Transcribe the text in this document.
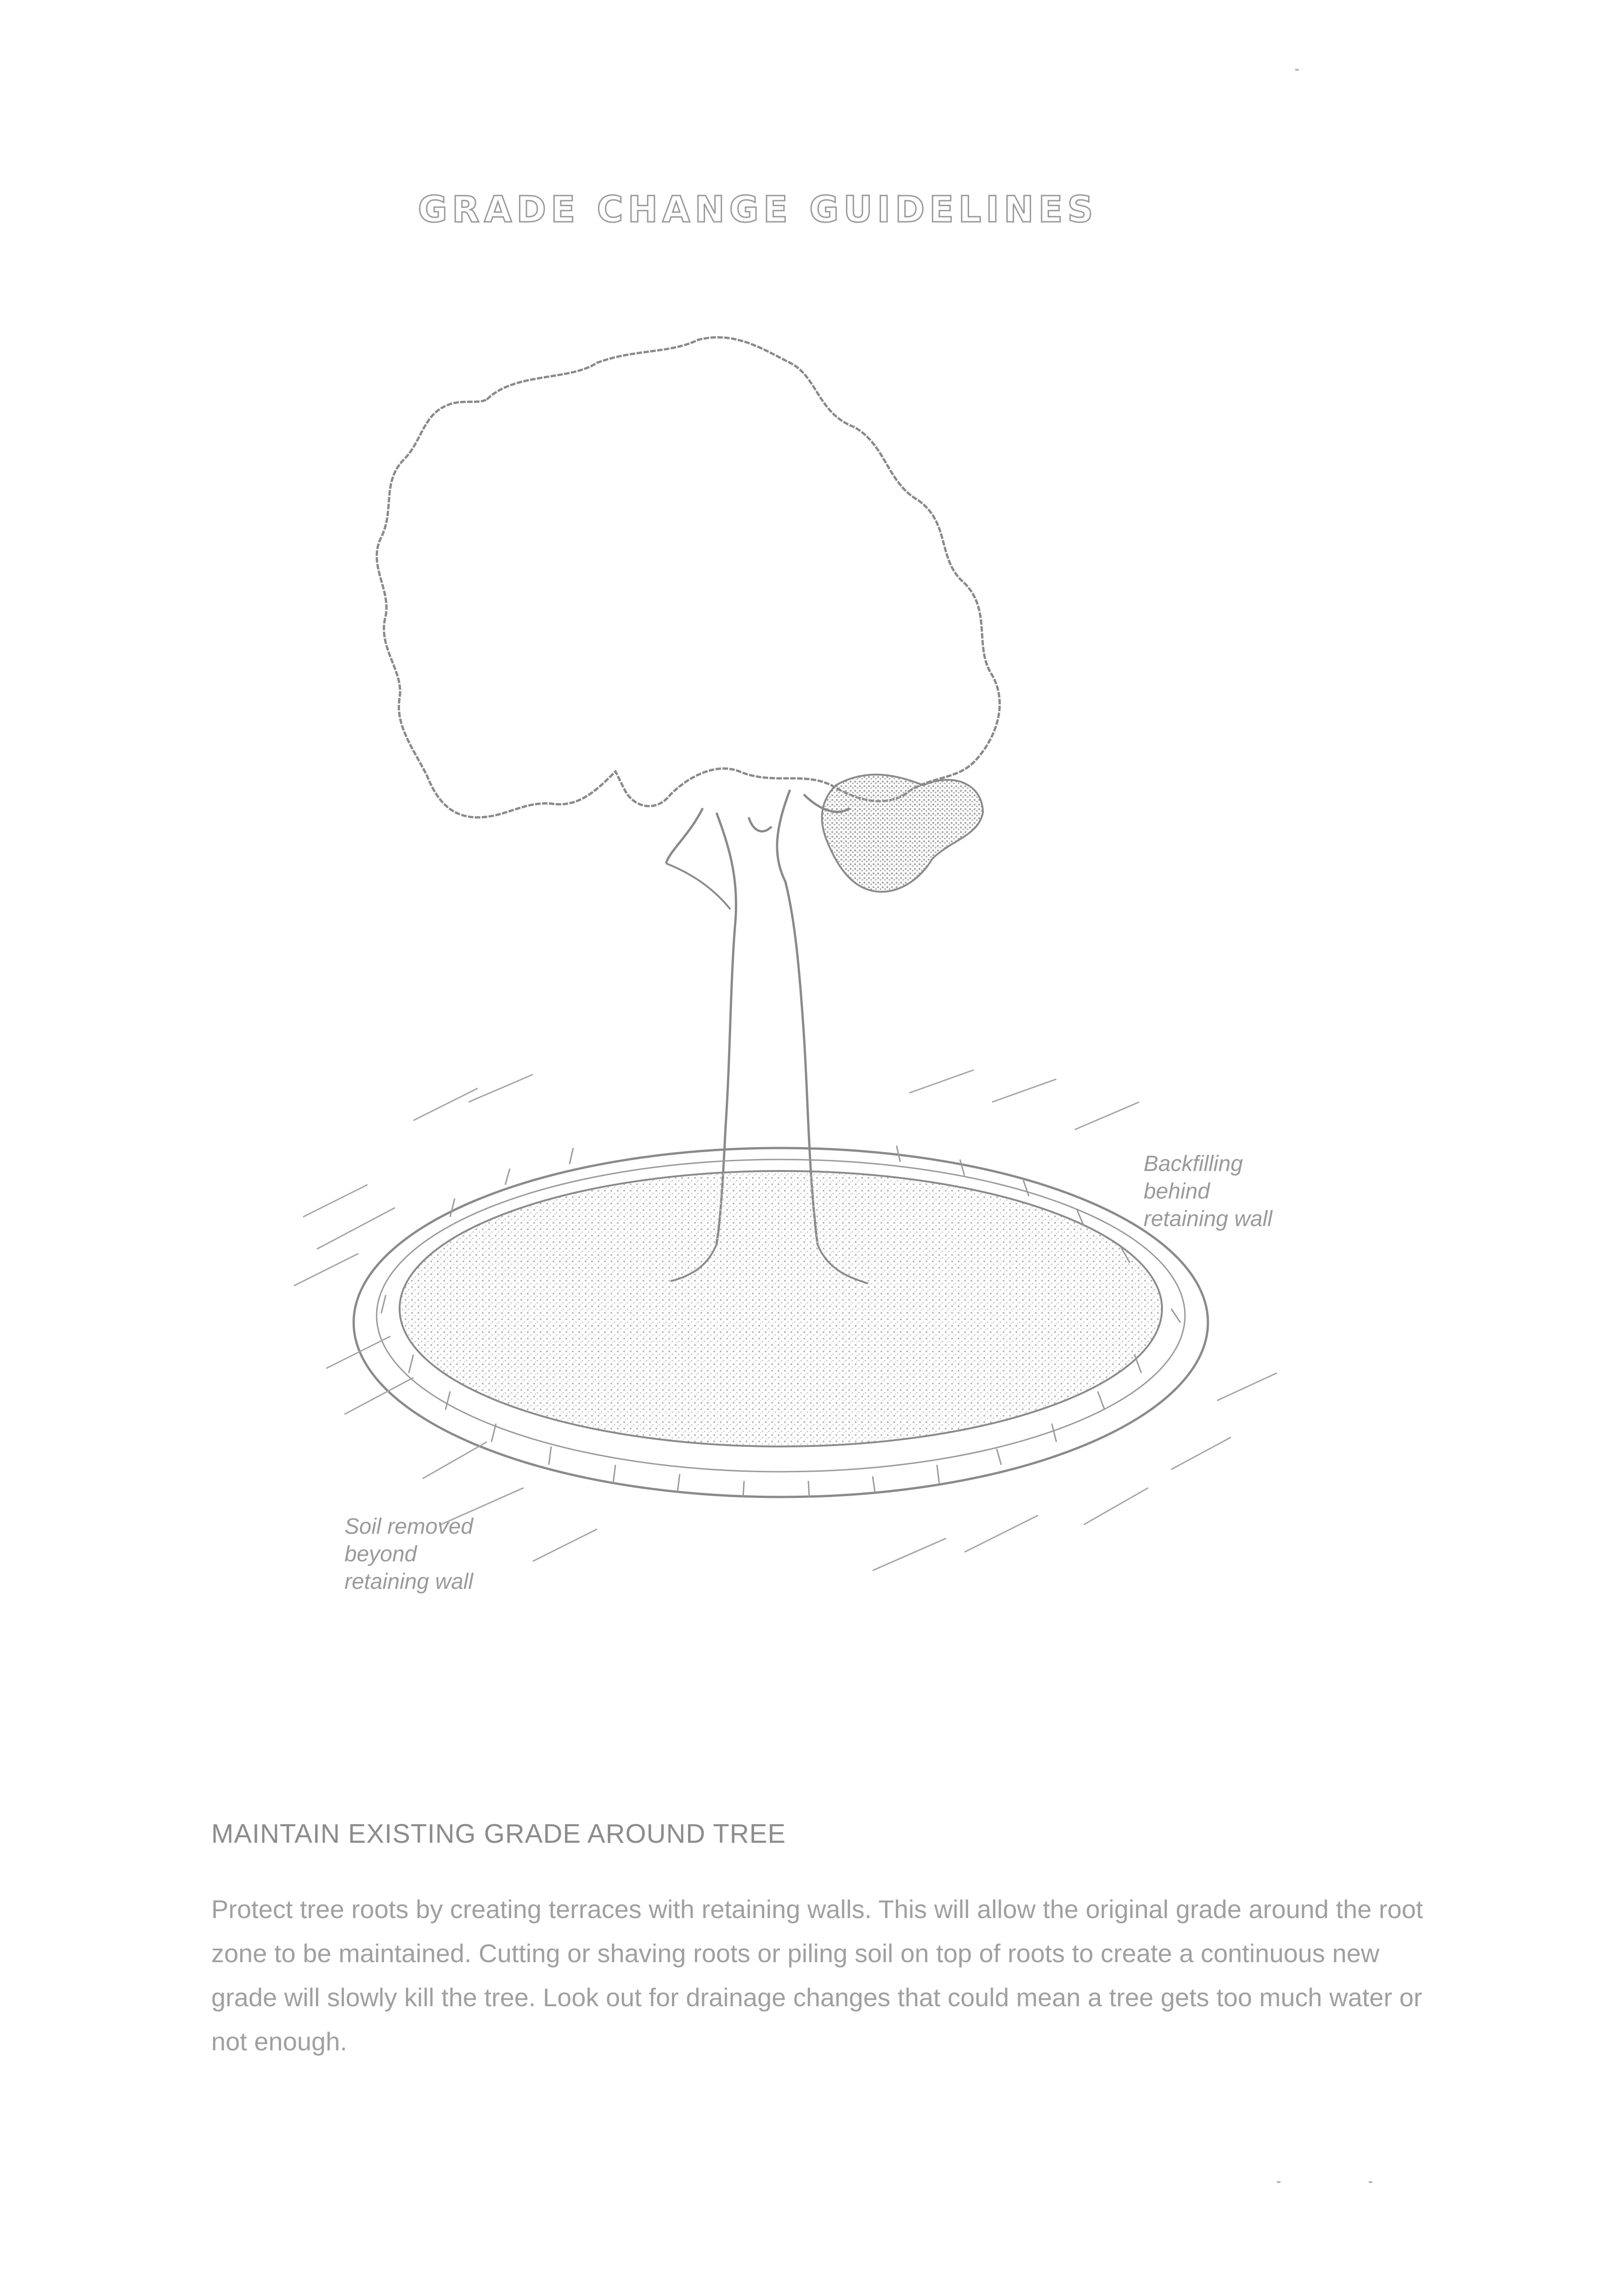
GRADE CHANGE GUIDELINES
Backfilling
behind
retaining wall
Soil removed
beyond
retaining wall
MAINTAIN EXISTING GRADE AROUND TREE

Protect tree roots by creating terraces with retaining walls. This will allow the original grade around the root zone to be maintained. Cutting or shaving roots or piling soil on top of roots to create a continuous new grade will slowly kill the tree. Look out for drainage changes that could mean a tree gets too much water or not enough.
